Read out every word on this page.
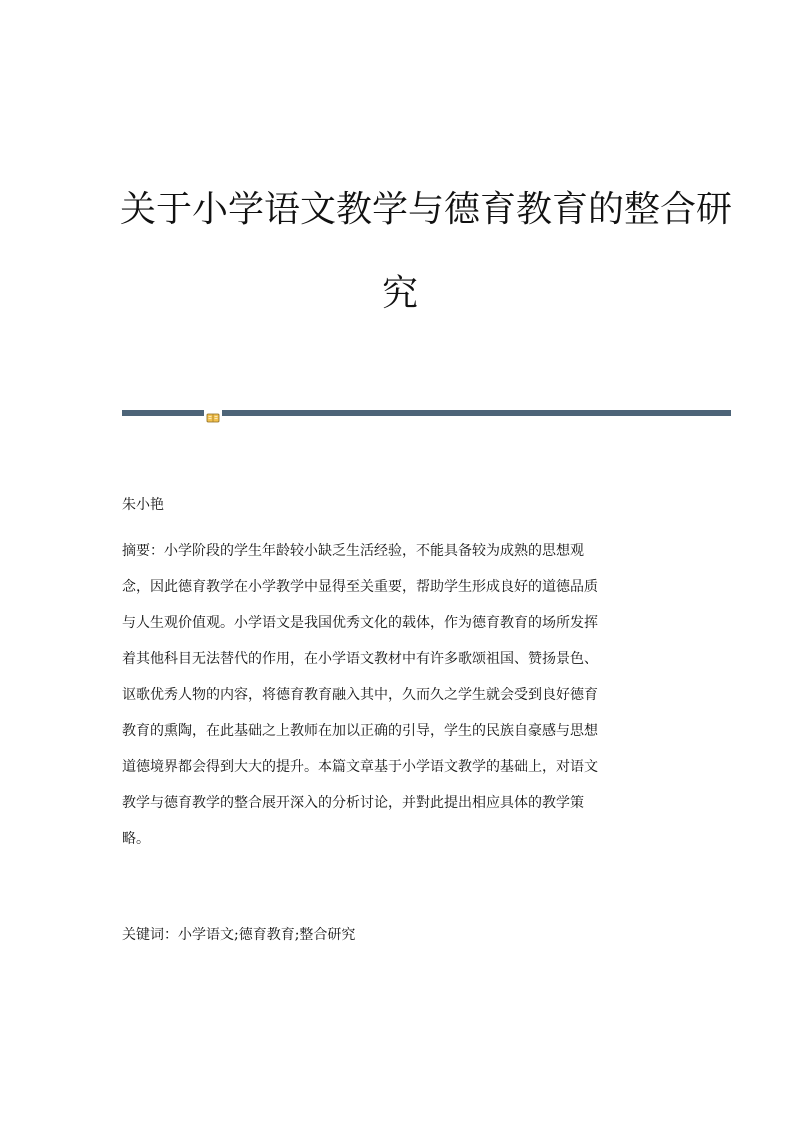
关于小学语文教学与德育教育的整合研
究
朱小艳
摘要：小学阶段的学生年龄较小缺乏生活经验，不能具备较为成熟的思想观
念，因此德育教学在小学教学中显得至关重要，帮助学生形成良好的道德品质
与人生观价值观。小学语文是我国优秀文化的载体，作为德育教育的场所发挥
着其他科目无法替代的作用，在小学语文教材中有许多歌颂祖国、赞扬景色、
讴歌优秀人物的内容，将德育教育融入其中，久而久之学生就会受到良好德育
教育的熏陶，在此基础之上教师在加以正确的引导，学生的民族自豪感与思想
道德境界都会得到大大的提升。本篇文章基于小学语文教学的基础上，对语文
教学与德育教学的整合展开深入的分析讨论，并對此提出相应具体的教学策
略。
关键词：小学语文;德育教育;整合研究
